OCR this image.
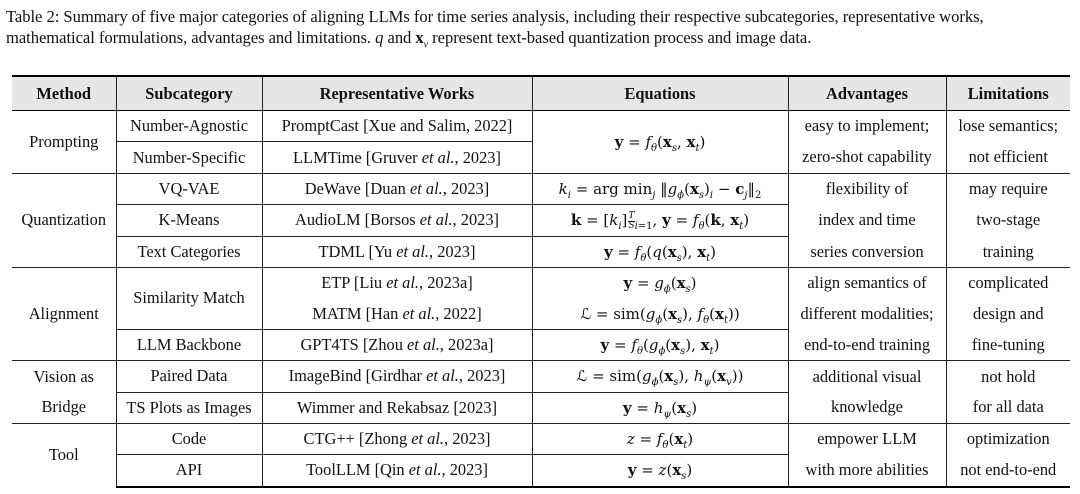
Table 2: Summary of five major categories of aligning LLMs for time series analysis, including their respective subcategories, representative works, mathematical formulations, advantages and limitations. q and $x_v$ represent text-based quantization process and image data.
Method	Subcategory	Representative Works	Equations	Advantages	Limitations
Prompting	Number-Agnostic	PromptCast [Xue and Salim, 2022]	$y = f_\theta(x_s$, $x_t$)	easy to implement;	lose semantics;
	Number-Specific	LLMTime [Gruver et al., 2023]		zero-shot capability	not efficient
Quantization	VQ-VAE	DeWave [Duan et al., 2023]	$k_i$ = arg $\min_j$ $‖g_\phi(x_s)_i$ − $c_j‖_2$	flexibility of	may require
	K-Means	AudioLM [Borsos et al., 2023]	$k = [k_i] \frac{T}{S} _{i=1}$, $y = f_\theta(k$, $x_t$)	index and time	two-stage
	Text Categories	TDML [Yu et al., 2023]	$y = f_\theta(q(x_s)$, $x_t$)	series conversion	training
Alignment	Similarity Match	ETP [Liu et al., 2023a]	$y = g_\phi(x_s)$	align semantics of	complicated
		MATM [Han et al., 2022]	ℒ = $sim(g_\phi(x_s)$, $f_\theta(x_t)$)	different modalities;	design and
	LLM Backbone	GPT4TS [Zhou et al., 2023a]	$y = f_\theta(g_\phi(x_s)$, $x_t$)	end-to-end training	fine-tuning
Vision as	Paired Data	ImageBind [Girdhar et al., 2023]	ℒ = $sim(g_\phi(x_s)$, $h_\psi(x_v)$)	additional visual	not hold
Bridge	TS Plots as Images	Wimmer and Rekabsaz [2023]	$y = h_\psi(x_s)$	knowledge	for all data
Tool	Code	CTG++ [Zhong et al., 2023]	$z = f_\theta(x_t)$	empower LLM	optimization
	API	ToolLLM [Qin et al., 2023]	$y = z(x_s)$	with more abilities	not end-to-end
